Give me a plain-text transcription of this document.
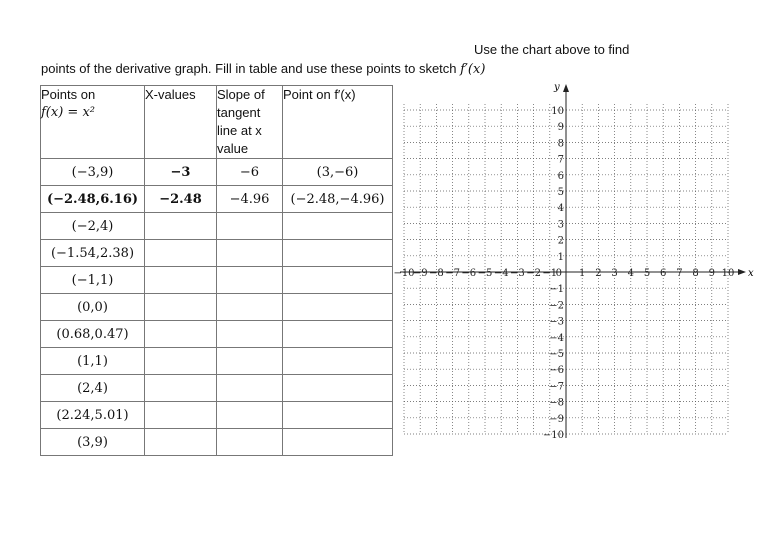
Use the chart above to find
points of the derivative graph. Fill in table and use these points to sketch f′(x)
Points on
f(x) = x²	X-values	Slope of tangent line at x value	Point on f′(x)
(−3,9)	−3	−6	(3,−6)
(−2.48,6.16)	−2.48	−4.96	(−2.48,−4.96)
(−2,4)			
(−1.54,2.38)			
(−1,1)			
(0,0)			
(0.68,0.47)			
(1,1)			
(2,4)			
(2.24,5.01)			
(3,9)			
x
y
−10
−9 −8 −7 −6 −5 −4 −3 −2 −1 1 2 3 4 5 6 7 8 9 10
0
10
9
8
7
6
5
4
3
2
1
−1
−2
−3
−4
−5
−6
−7
−8
−9
−10
